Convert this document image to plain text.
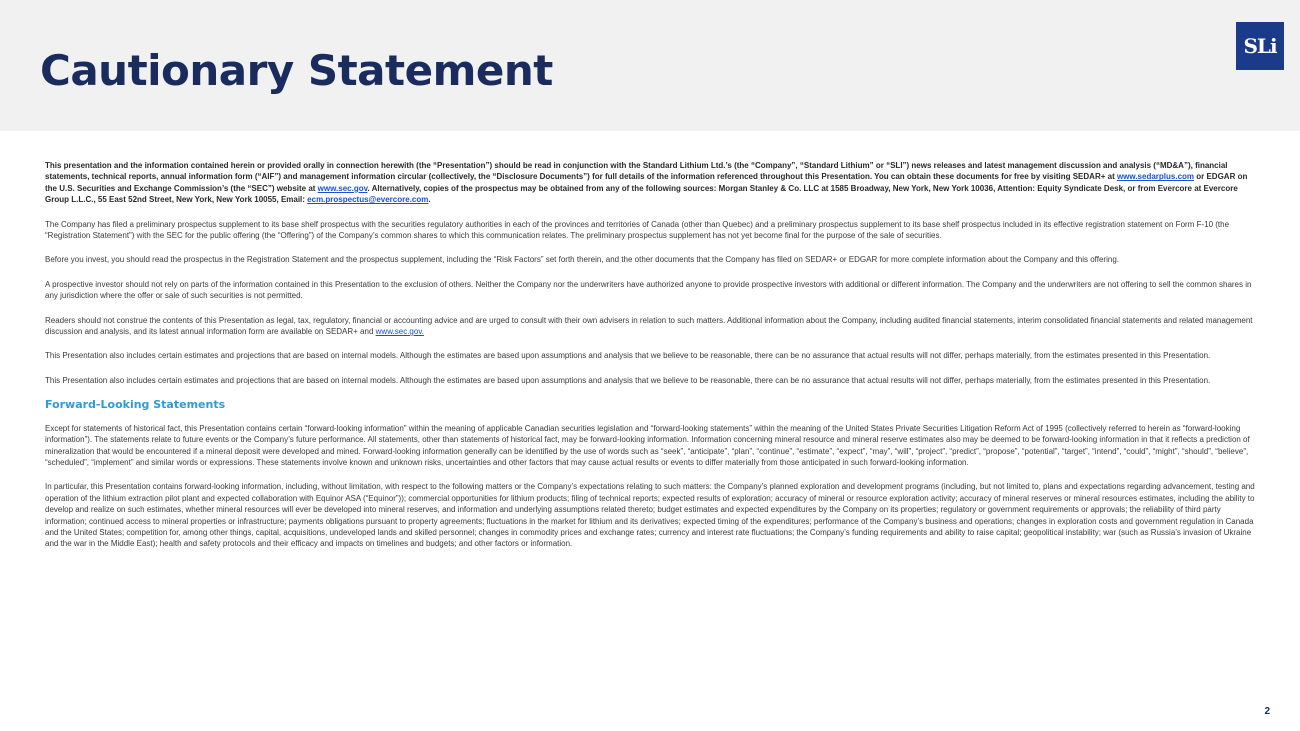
Cautionary Statement	SLi

This presentation and the information contained herein or provided orally in connection herewith (the “Presentation”) should be read in conjunction with the Standard Lithium Ltd.’s (the “Company”, “Standard Lithium” or “SLI”) news releases and latest management discussion and analysis (“MD&A”), financial statements, technical reports, annual information form (“AIF”) and management information circular (collectively, the “Disclosure Documents”) for full details of the information referenced throughout this Presentation. You can obtain these documents for free by visiting SEDAR+ at www.sedarplus.com or EDGAR on the U.S. Securities and Exchange Commission’s (the “SEC”) website at www.sec.gov. Alternatively, copies of the prospectus may be obtained from any of the following sources: Morgan Stanley & Co. LLC at 1585 Broadway, New York, New York 10036, Attention: Equity Syndicate Desk, or from Evercore at Evercore Group L.L.C., 55 East 52nd Street, New York, New York 10055, Email: ecm.prospectus@evercore.com.

The Company has filed a preliminary prospectus supplement to its base shelf prospectus with the securities regulatory authorities in each of the provinces and territories of Canada (other than Quebec) and a preliminary prospectus supplement to its base shelf prospectus included in its effective registration statement on Form F-10 (the “Registration Statement”) with the SEC for the public offering (the “Offering”) of the Company’s common shares to which this communication relates. The preliminary prospectus supplement has not yet become final for the purpose of the sale of securities.

Before you invest, you should read the prospectus in the Registration Statement and the prospectus supplement, including the “Risk Factors” set forth therein, and the other documents that the Company has filed on SEDAR+ or EDGAR for more complete information about the Company and this offering.

A prospective investor should not rely on parts of the information contained in this Presentation to the exclusion of others. Neither the Company nor the underwriters have authorized anyone to provide prospective investors with additional or different information. The Company and the underwriters are not offering to sell the common shares in any jurisdiction where the offer or sale of such securities is not permitted.

Readers should not construe the contents of this Presentation as legal, tax, regulatory, financial or accounting advice and are urged to consult with their own advisers in relation to such matters. Additional information about the Company, including audited financial statements, interim consolidated financial statements and related management discussion and analysis, and its latest annual information form are available on SEDAR+ and www.sec.gov.

This Presentation also includes certain estimates and projections that are based on internal models. Although the estimates are based upon assumptions and analysis that we believe to be reasonable, there can be no assurance that actual results will not differ, perhaps materially, from the estimates presented in this Presentation.

This Presentation also includes certain estimates and projections that are based on internal models. Although the estimates are based upon assumptions and analysis that we believe to be reasonable, there can be no assurance that actual results will not differ, perhaps materially, from the estimates presented in this Presentation.

Forward-Looking Statements

Except for statements of historical fact, this Presentation contains certain “forward-looking information” within the meaning of applicable Canadian securities legislation and “forward-looking statements” within the meaning of the United States Private Securities Litigation Reform Act of 1995 (collectively referred to herein as “forward-looking information”). The statements relate to future events or the Company’s future performance. All statements, other than statements of historical fact, may be forward-looking information. Information concerning mineral resource and mineral reserve estimates also may be deemed to be forward-looking information in that it reflects a prediction of mineralization that would be encountered if a mineral deposit were developed and mined. Forward-looking information generally can be identified by the use of words such as “seek”, “anticipate”, “plan”, “continue”, “estimate”, “expect”, “may”, “will”, “project”, “predict”, “propose”, “potential”, “target”, “intend”, “could”, “might”, “should”, “believe”, “scheduled”, “implement” and similar words or expressions. These statements involve known and unknown risks, uncertainties and other factors that may cause actual results or events to differ materially from those anticipated in such forward-looking information.

In particular, this Presentation contains forward-looking information, including, without limitation, with respect to the following matters or the Company’s expectations relating to such matters: the Company’s planned exploration and development programs (including, but not limited to, plans and expectations regarding advancement, testing and operation of the lithium extraction pilot plant and expected collaboration with Equinor ASA (“Equinor”)); commercial opportunities for lithium products; filing of technical reports; expected results of exploration; accuracy of mineral or resource exploration activity; accuracy of mineral reserves or mineral resources estimates, including the ability to develop and realize on such estimates, whether mineral resources will ever be developed into mineral reserves, and information and underlying assumptions related thereto; budget estimates and expected expenditures by the Company on its properties; regulatory or government requirements or approvals; the reliability of third party information; continued access to mineral properties or infrastructure; payments obligations pursuant to property agreements; fluctuations in the market for lithium and its derivatives; expected timing of the expenditures; performance of the Company’s business and operations; changes in exploration costs and government regulation in Canada and the United States; competition for, among other things, capital, acquisitions, undeveloped lands and skilled personnel; changes in commodity prices and exchange rates; currency and interest rate fluctuations; the Company’s funding requirements and ability to raise capital; geopolitical instability; war (such as Russia’s invasion of Ukraine and the war in the Middle East); health and safety protocols and their efficacy and impacts on timelines and budgets; and other factors or information.

2
